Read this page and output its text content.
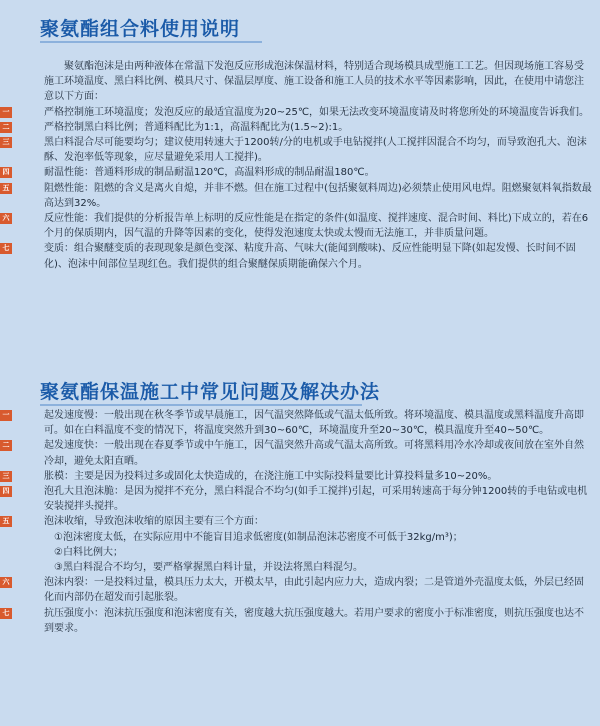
聚氨酯组合料使用说明

聚氨酯泡沫是由两种液体在常温下发泡反应形成泡沫保温材料，特别适合现场模具成型施工工艺。但因现场施工容易受施工环境温度、黑白料比例、模具尺寸、保温层厚度、施工设备和施工人员的技术水平等因素影响，因此，在使用中请您注意以下方面：

一	严格控制施工环境温度；发泡反应的最适宜温度为20~25℃，如果无法改变环境温度请及时将您所处的环境温度告诉我们。
二	严格控制黑白料比例；普通料配比为1:1，高温料配比为(1.5~2):1。
三	黑白料混合尽可能要均匀；建议使用转速大于1200转/分的电机或手电钻搅拌(人工搅拌因混合不均匀，而导致泡孔大、泡沫酥、发泡率低等现象，应尽量避免采用人工搅拌)。
四	耐温性能：普通料形成的制品耐温120℃，高温料形成的制品耐温180℃。
五	阻燃性能：阻燃的含义是离火自熄，并非不燃。但在施工过程中(包括聚氨料周边)必须禁止使用风电焊。阻燃聚氨料氧指数最高达到32%。
六	反应性能：我们提供的分析报告单上标明的反应性能是在指定的条件(如温度、搅拌速度、混合时间、料比)下成立的，若在6个月的保质期内，因气温的升降等因素的变化，使得发泡速度太快或太慢而无法施工，并非质量问题。
七	变质：组合聚醚变质的表现现象是颜色变深、粘度升高、气味大(能闻到酸味)、反应性能明显下降(如起发慢、长时间不固化)、泡沫中间部位呈现红色。我们提供的组合聚醚保质期能确保六个月。
聚氨酯保温施工中常见问题及解决办法
一	起发速度慢：一般出现在秋冬季节或早晨施工，因气温突然降低或气温太低所致。将环境温度、模具温度或黑料温度升高即可。如在白料温度不变的情况下，将温度突然升到30~60℃，环境温度升至20~30℃，模具温度升至40~50℃。
二	起发速度快：一般出现在春夏季节或中午施工，因气温突然升高或气温太高所致。可将黑料用冷水冷却或夜间放在室外自然冷却，避免太阳直晒。
三	胀模：主要是因为投料过多或固化太快造成的，在浇注施工中实际投料量要比计算投料量多10~20%。
四	泡孔大且泡沫脆：是因为搅拌不充分，黑白料混合不均匀(如手工搅拌)引起，可采用转速高于每分钟1200转的手电钻或电机安装搅拌头搅拌。
五	泡沫收缩，导致泡沫收缩的原因主要有三个方面：

①泡沫密度太低，在实际应用中不能盲目追求低密度(如制品泡沫芯密度不可低于32kg/m³)；

②白料比例大；

③黑白料混合不均匀，要严格掌握黑白料计量，并设法将黑白料混匀。

六	泡沫内裂：一是投料过量，模具压力太大，开模太早，由此引起内应力大，造成内裂；二是管道外壳温度太低，外层已经固化而内部仍在超发而引起胀裂。
七	抗压强度小：泡沫抗压强度和泡沫密度有关，密度越大抗压强度越大。若用户要求的密度小于标准密度，则抗压强度也达不到要求。
